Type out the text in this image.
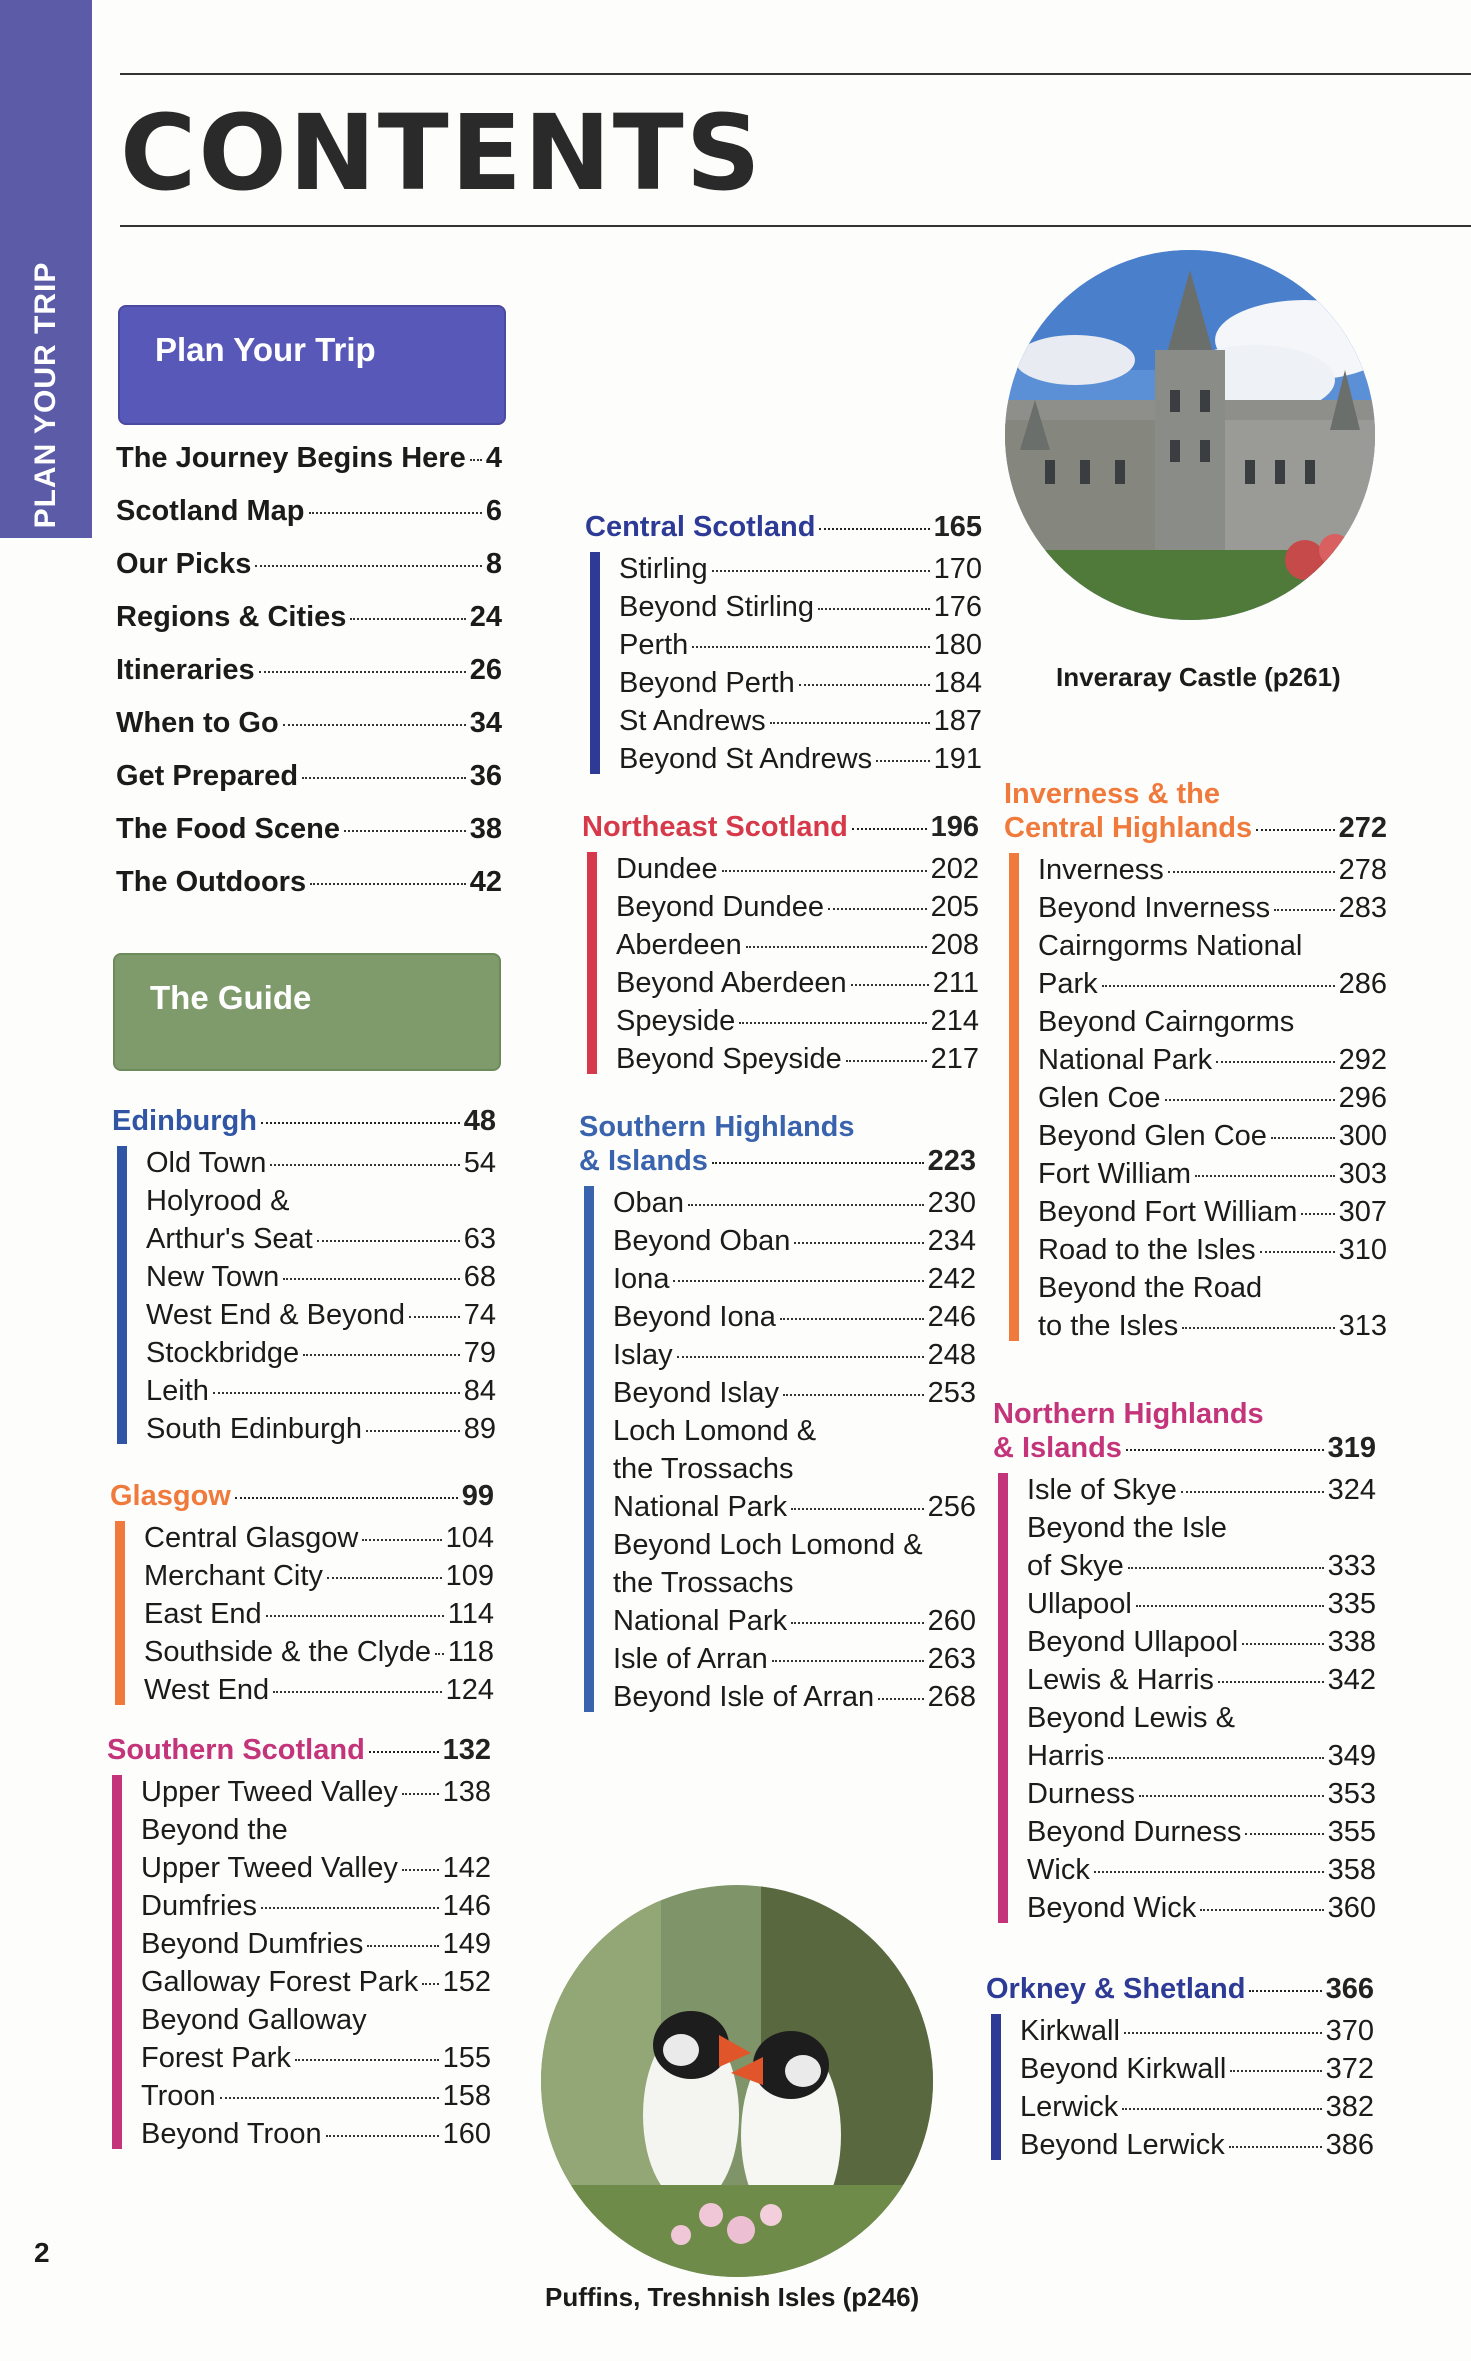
PLAN YOUR TRIP
CONTENTS
Plan Your Trip
The Journey Begins Here 4
Scotland Map	6
Our Picks	8
Regions & Cities	24
Itineraries	26
When to Go	34
Get Prepared	36
The Food Scene	38
The Outdoors	42
The Guide
Edinburgh	48
Old Town	54
Holyrood &
Arthur's Seat	63
New Town	68
West End & Beyond 74
Stockbridge	79
Leith	84
South Edinburgh	89
Glasgow	99
Central Glasgow	104
Merchant City	109
East End	114
Southside & the Clyde 118
West End	124
Southern Scotland	132
Upper Tweed Valley 138
Beyond the
Upper Tweed Valley 142
Dumfries	146
Beyond Dumfries	149
Galloway Forest Park 152
Beyond Galloway
Forest Park	155
Troon	158
Beyond Troon	160
Central Scotland	165
Stirling	170
Beyond Stirling	176
Perth	180
Beyond Perth	184
St Andrews	187
Beyond St Andrews 191
Northeast Scotland	196
Dundee	202
Beyond Dundee	205
Aberdeen	208
Beyond Aberdeen	211
Speyside	214
Beyond Speyside	217
Southern Highlands
& Islands	223
Oban	230
Beyond Oban	234
Iona	242
Beyond Iona	246
Islay	248
Beyond Islay	253
Loch Lomond &
the Trossachs
National Park	256
Beyond Loch Lomond &
the Trossachs
National Park	260
Isle of Arran	263
Beyond Isle of Arran 268
Inverness & the
Central Highlands	272
Inverness	278
Beyond Inverness 283
Cairngorms National
Park	286
Beyond Cairngorms
National Park	292
Glen Coe	296
Beyond Glen Coe 300
Fort William	303
Beyond Fort William 307
Road to the Isles	310
Beyond the Road
to the Isles	313
Northern Highlands
& Islands	319
Isle of Skye	324
Beyond the Isle
of Skye	333
Ullapool	335
Beyond Ullapool	338
Lewis & Harris	342
Beyond Lewis &
Harris	349
Durness	353
Beyond Durness	355
Wick	358
Beyond Wick	360
Orkney & Shetland	366
Kirkwall	370
Beyond Kirkwall	372
Lerwick	382
Beyond Lerwick	386
Inveraray Castle (p261)
Puffins, Treshnish Isles (p246)
2
